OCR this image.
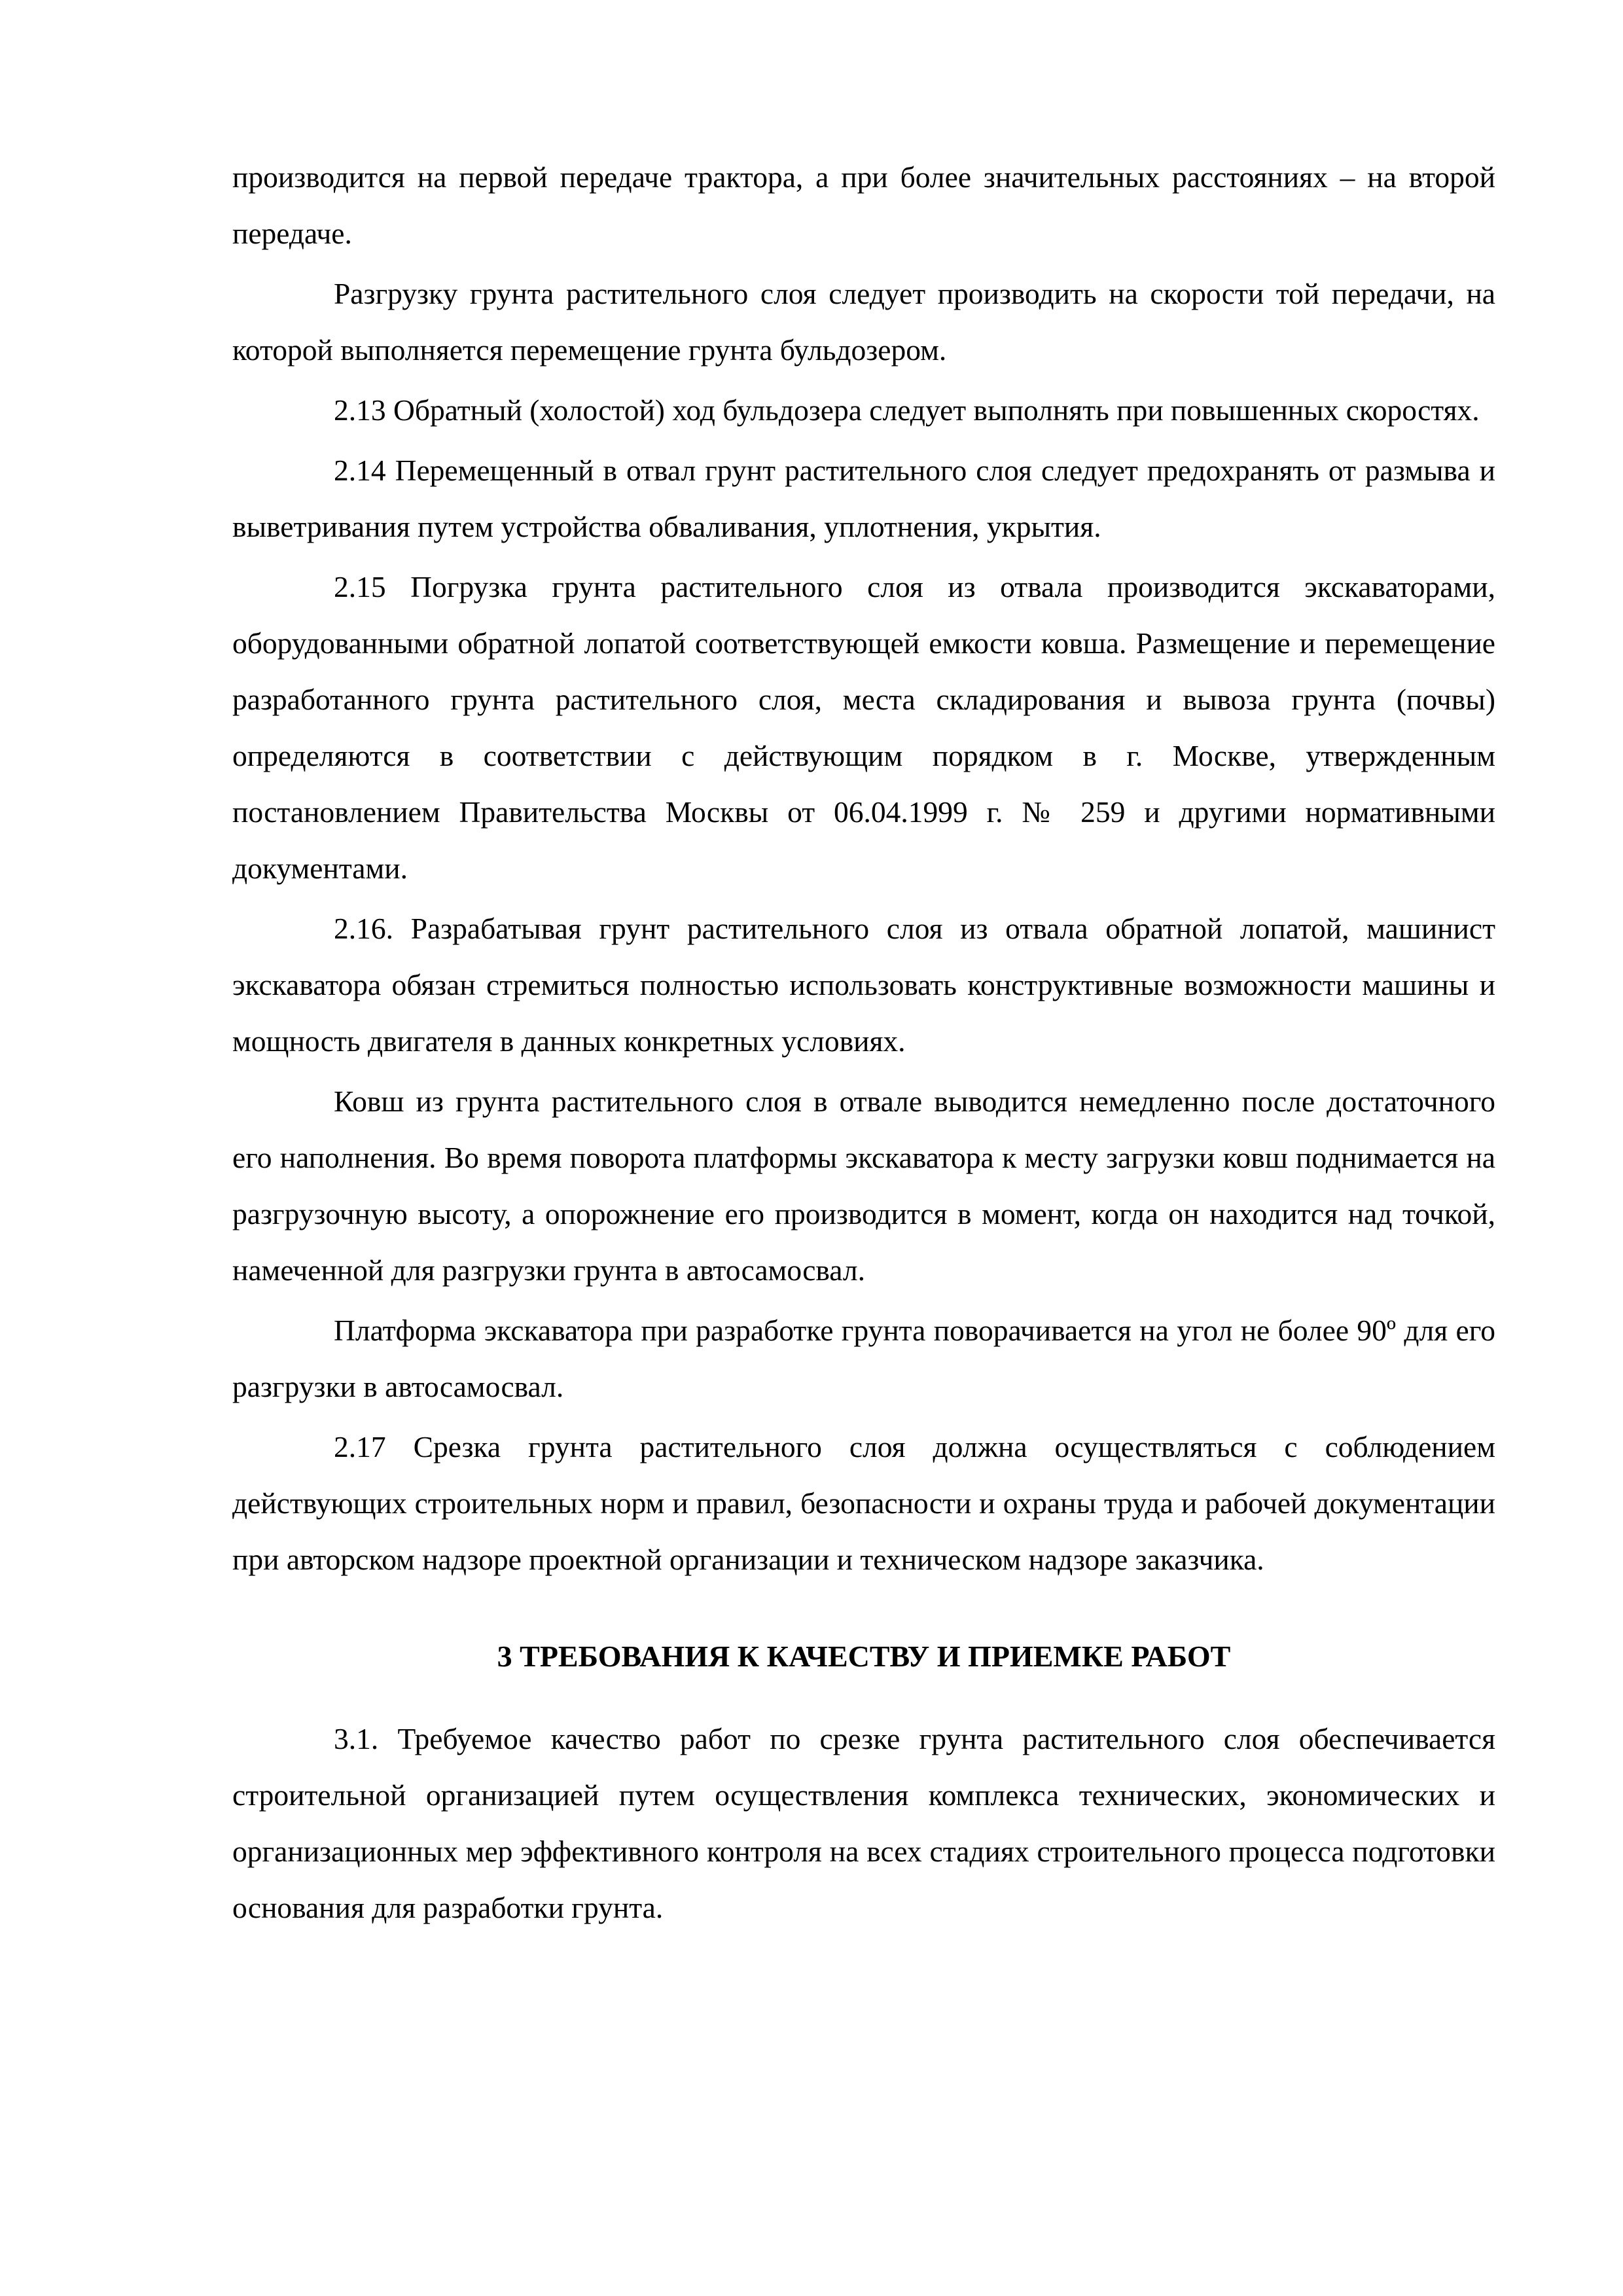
производится на первой передаче трактора, а при более значительных расстояниях – на второй передаче.

Разгрузку грунта растительного слоя следует производить на скорости той передачи, на которой выполняется перемещение грунта бульдозером.

2.13 Обратный (холостой) ход бульдозера следует выполнять при повышенных скоростях.

2.14 Перемещенный в отвал грунт растительного слоя следует предохранять от размыва и выветривания путем устройства обваливания, уплотнения, укрытия.

2.15 Погрузка грунта растительного слоя из отвала производится экскаваторами, оборудованными обратной лопатой соответствующей емкости ковша. Размещение и перемещение разработанного грунта растительного слоя, места складирования и вывоза грунта (почвы) определяются в соответствии с действующим порядком в г. Москве, утвержденным постановлением Правительства Москвы от 06.04.1999 г. № 259 и другими нормативными документами.

2.16. Разрабатывая грунт растительного слоя из отвала обратной лопатой, машинист экскаватора обязан стремиться полностью использовать конструктивные возможности машины и мощность двигателя в данных конкретных условиях.

Ковш из грунта растительного слоя в отвале выводится немедленно после достаточного его наполнения. Во время поворота платформы экскаватора к месту загрузки ковш поднимается на разгрузочную высоту, а опорожнение его производится в момент, когда он находится над точкой, намеченной для разгрузки грунта в автосамосвал.

Платформа экскаватора при разработке грунта поворачивается на угол не более 90º для его разгрузки в автосамосвал.

2.17 Срезка грунта растительного слоя должна осуществляться с соблюдением действующих строительных норм и правил, безопасности и охраны труда и рабочей документации при авторском надзоре проектной организации и техническом надзоре заказчика.

3 ТРЕБОВАНИЯ К КАЧЕСТВУ И ПРИЕМКЕ РАБОТ

3.1. Требуемое качество работ по срезке грунта растительного слоя обеспечивается строительной организацией путем осуществления комплекса технических, экономических и организационных мер эффективного контроля на всех стадиях строительного процесса подготовки основания для разработки грунта.
